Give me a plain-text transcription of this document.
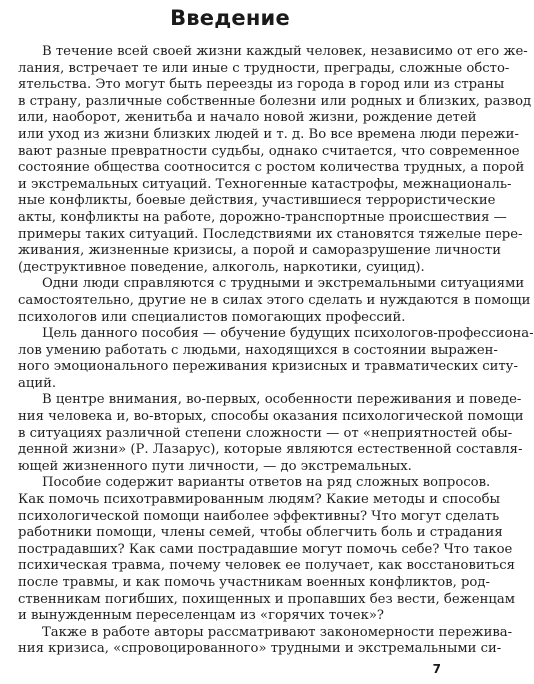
Введение
В течение всей своей жизни каждый человек, независимо от его же-
лания, встречает те или иные с трудности, преграды, сложные обсто-
ятельства. Это могут быть переезды из города в город или из страны
в страну, различные собственные болезни или родных и близких, развод
или, наоборот, женитьба и начало новой жизни, рождение детей
или уход из жизни близких людей и т. д. Во все времена люди пережи-
вают разные превратности судьбы, однако считается, что современное
состояние общества соотносится с ростом количества трудных, а порой
и экстремальных ситуаций. Техногенные катастрофы, межнациональ-
ные конфликты, боевые действия, участившиеся террористические
акты, конфликты на работе, дорожно-транспортные происшествия —
примеры таких ситуаций. Последствиями их становятся тяжелые пере-
живания, жизненные кризисы, а порой и саморазрушение личности
(деструктивное поведение, алкоголь, наркотики, суицид).
Одни люди справляются с трудными и экстремальными ситуациями
самостоятельно, другие не в силах этого сделать и нуждаются в помощи
психологов или специалистов помогающих профессий.
Цель данного пособия — обучение будущих психологов-профессиона-
лов умению работать с людьми, находящихся в состоянии выражен-
ного эмоционального переживания кризисных и травматических ситу-
аций.
В центре внимания, во-первых, особенности переживания и поведе-
ния человека и, во-вторых, способы оказания психологической помощи
в ситуациях различной степени сложности — от «неприятностей обы-
денной жизни» (Р. Лазарус), которые являются естественной составля-
ющей жизненного пути личности, — до экстремальных.
Пособие содержит варианты ответов на ряд сложных вопросов.
Как помочь психотравмированным людям? Какие методы и способы
психологической помощи наиболее эффективны? Что могут сделать
работники помощи, члены семей, чтобы облегчить боль и страдания
пострадавших? Как сами пострадавшие могут помочь себе? Что такое
психическая травма, почему человек ее получает, как восстановиться
после травмы, и как помочь участникам военных конфликтов, род-
ственникам погибших, похищенных и пропавших без вести, беженцам
и вынужденным переселенцам из «горячих точек»?
Также в работе авторы рассматривают закономерности пережива-
ния кризиса, «спровоцированного» трудными и экстремальными си-
7
